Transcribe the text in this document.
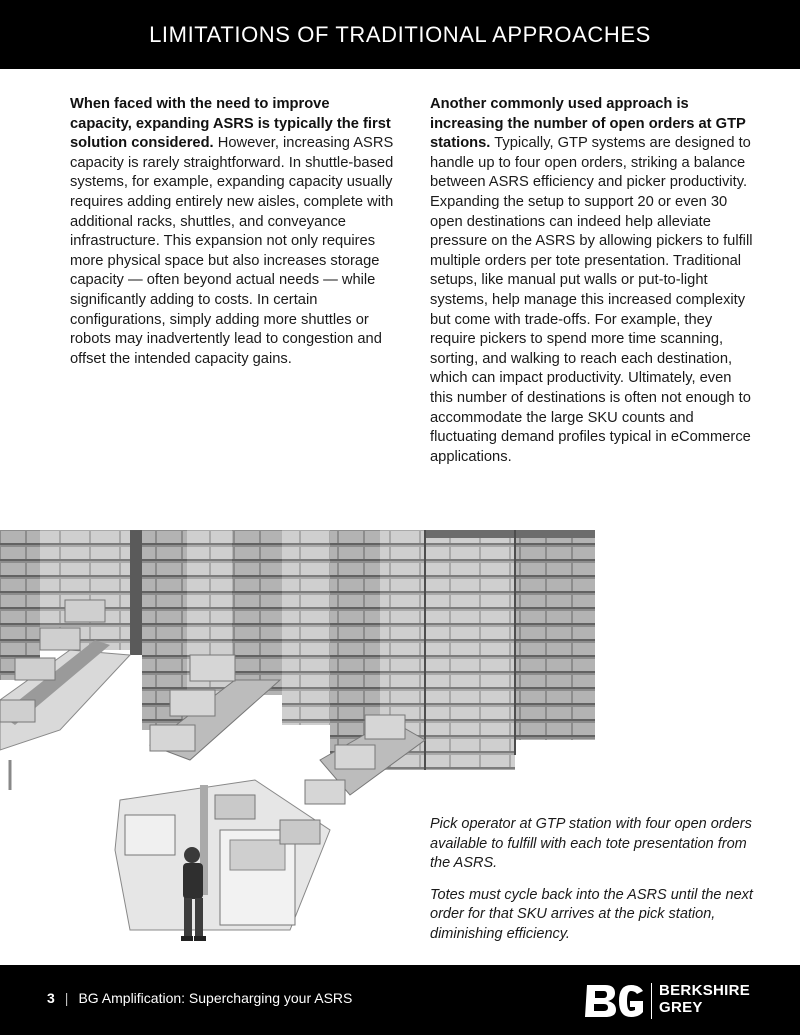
LIMITATIONS OF TRADITIONAL APPROACHES

When faced with the need to improve capacity, expanding ASRS is typically the first solution considered. However, increasing ASRS capacity is rarely straightforward. In shuttle-based systems, for example, expanding capacity usually requires adding entirely new aisles, complete with additional racks, shuttles, and conveyance infrastructure. This expansion not only requires more physical space but also increases storage capacity — often beyond actual needs — while significantly adding to costs. In certain configurations, simply adding more shuttles or robots may inadvertently lead to congestion and offset the intended capacity gains.

Another commonly used approach is increasing the number of open orders at GTP stations. Typically, GTP systems are designed to handle up to four open orders, striking a balance between ASRS efficiency and picker productivity. Expanding the setup to support 20 or even 30 open destinations can indeed help alleviate pressure on the ASRS by allowing pickers to fulfill multiple orders per tote presentation. Traditional setups, like manual put walls or put-to-light systems, help manage this increased complexity but come with trade-offs. For example, they require pickers to spend more time scanning, sorting, and walking to reach each destination, which can impact productivity. Ultimately, even this number of destinations is often not enough to accommodate the large SKU counts and fluctuating demand profiles typical in eCommerce applications.

Pick operator at GTP station with four open orders available to fulfill with each tote presentation from the ASRS.

Totes must cycle back into the ASRS until the next order for that SKU arrives at the pick station, diminishing efficiency.

3 | BG Amplification: Supercharging your ASRS	BERKSHIRE
GREY
